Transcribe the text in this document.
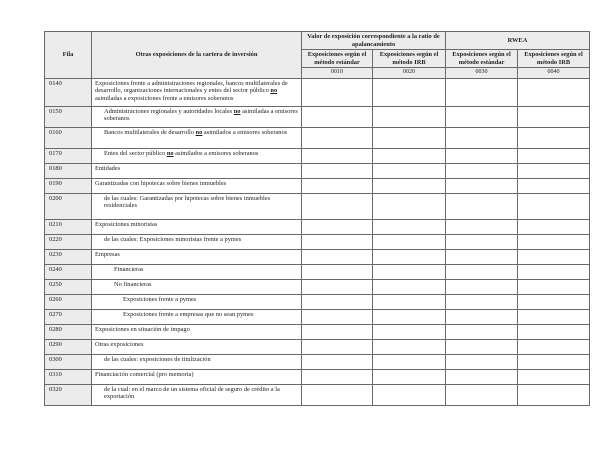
Fila	Otras exposiciones de la cartera de inversión	Valor de exposición correspondiente a la ratio de apalancamiento		RWEA	
		Exposiciones según el método estándar	Exposiciones según el método IRB	Exposiciones según el método estándar	Exposiciones según el método IRB
		0010	0020	0030	0040
0140	Exposiciones frente a administraciones regionales, bancos multilaterales de desarrollo, organizaciones internacionales y entes del sector público no asimiladas a exposiciones frente a emisores soberanos				
0150	Administraciones regionales y autoridades locales no asimiladas a emisores soberanos				
0160	Bancos multilaterales de desarrollo no asimilados a emisores soberanos				
0170	Entes del sector público no asimilados a emisores soberanos				
0180	Entidades				
0190	Garantizadas con hipotecas sobre bienes inmuebles				
0200	de las cuales: Garantizadas por hipotecas sobre bienes inmuebles residenciales				
0210	Exposiciones minoristas				
0220	de las cuales: Exposiciones minoristas frente a pymes				
0230	Empresas				
0240	Financieras				
0250	No financieras				
0260	Exposiciones frente a pymes				
0270	Exposiciones frente a empresas que no sean pymes				
0280	Exposiciones en situación de impago				
0290	Otras exposiciones				
0300	de las cuales: exposiciones de titulización				
0310	Financiación comercial (pro memoria)				
0320	de la cual: en el marco de un sistema oficial de seguro de crédito a la exportación				
